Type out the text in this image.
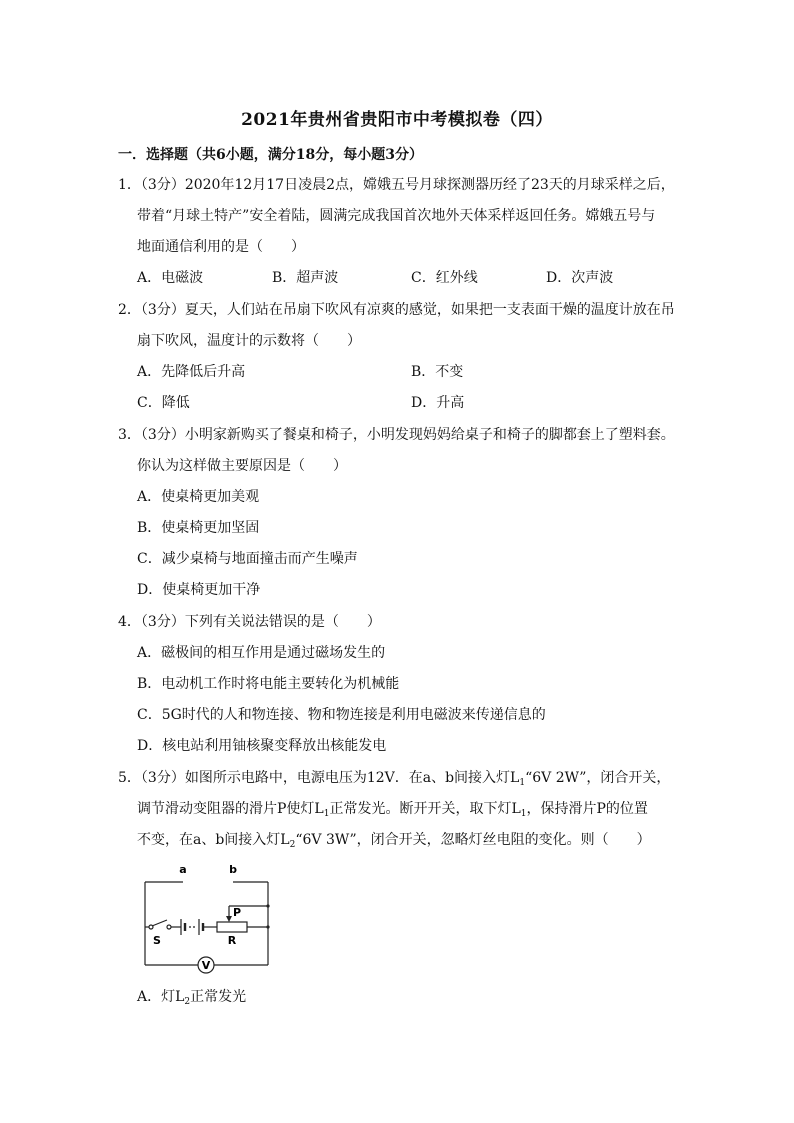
2021年贵州省贵阳市中考模拟卷（四）
一．选择题（共6小题，满分18分，每小题3分）
1．（3分）2020年12月17日凌晨2点，嫦娥五号月球探测器历经了23天的月球采样之后，
带着“月球土特产”安全着陆，圆满完成我国首次地外天体采样返回任务。嫦娥五号与
地面通信利用的是（　　）
A．电磁波	B．超声波	C．红外线	D．次声波
2．（3分）夏天，人们站在吊扇下吹风有凉爽的感觉，如果把一支表面干燥的温度计放在吊
扇下吹风，温度计的示数将（　　）
A．先降低后升高	B．不变
C．降低	D．升高
3．（3分）小明家新购买了餐桌和椅子，小明发现妈妈给桌子和椅子的脚都套上了塑料套。
你认为这样做主要原因是（　　）
A．使桌椅更加美观
B．使桌椅更加坚固
C．减少桌椅与地面撞击而产生噪声
D．使桌椅更加干净
4．（3分）下列有关说法错误的是（　　）
A．磁极间的相互作用是通过磁场发生的
B．电动机工作时将电能主要转化为机械能
C．5G时代的人和物连接、物和物连接是利用电磁波来传递信息的
D．核电站利用铀核聚变释放出核能发电
5．（3分）如图所示电路中，电源电压为12V．在a、b间接入灯$L_1“6V$ 2W”，闭合开关，
调节滑动变阻器的滑片P使灯$L_1$正常发光。断开开关，取下灯$L_1$，保持滑片P的位置
不变，在a、b间接入灯$L_2“6V$ 3W”，闭合开关，忽略灯丝电阻的变化。则（　　）
a	b
S
P
R
V
A．灯$L_2$正常发光
